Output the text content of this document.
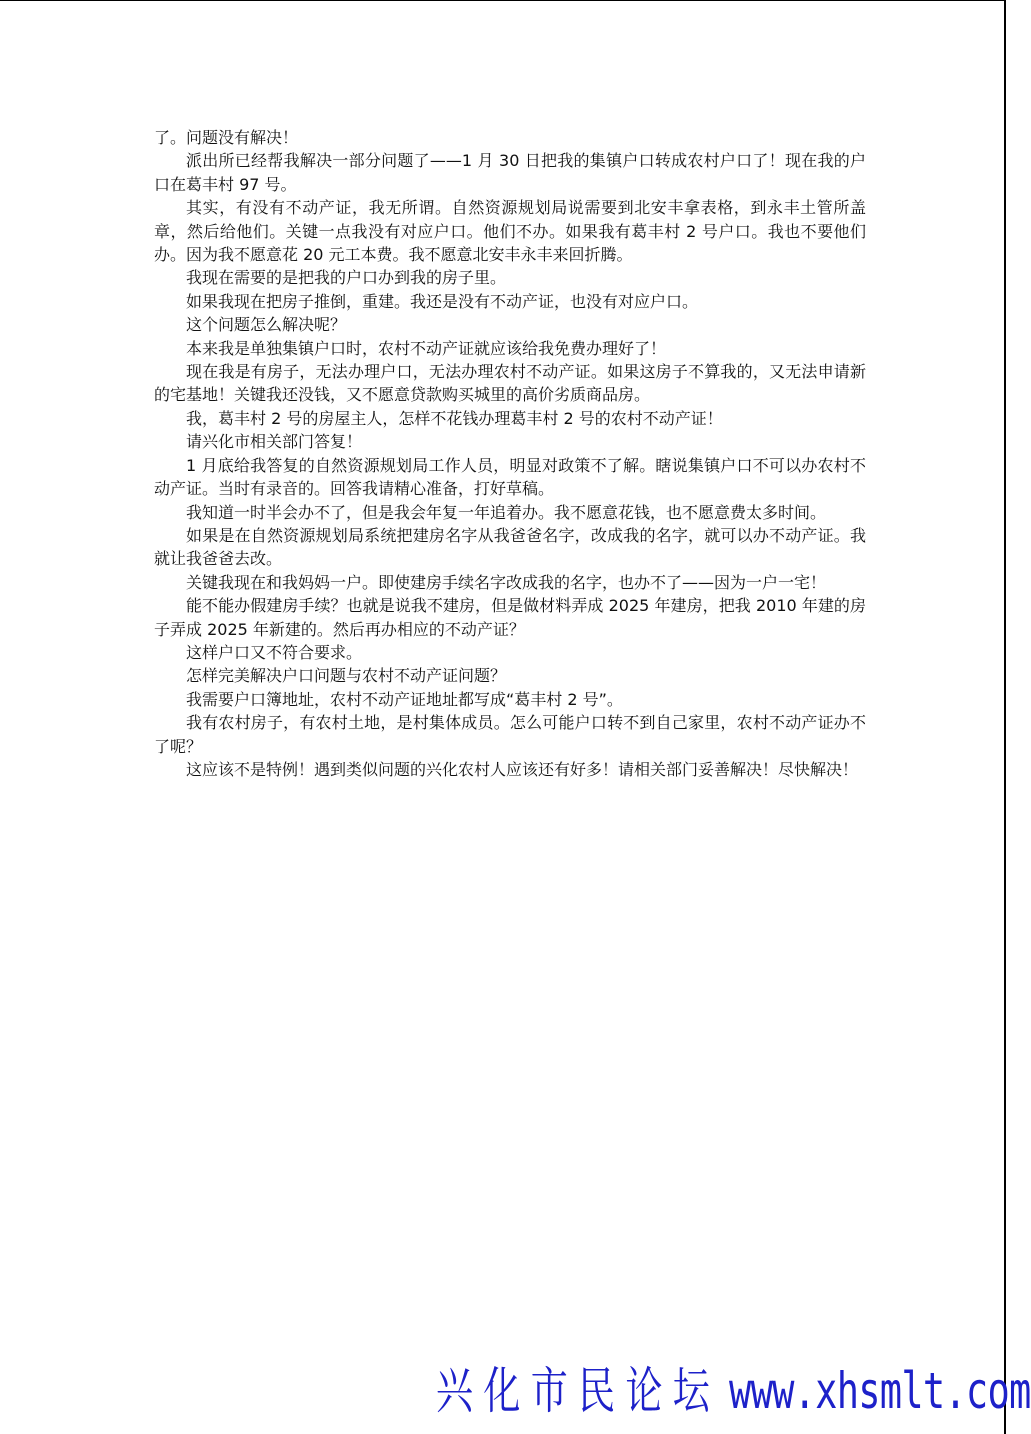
了。问题没有解决！

派出所已经帮我解决一部分问题了——1 月 30 日把我的集镇户口转成农村户口了！现在我的户口在葛丰村 97 号。

其实，有没有不动产证，我无所谓。自然资源规划局说需要到北安丰拿表格，到永丰土管所盖章，然后给他们。关键一点我没有对应户口。他们不办。如果我有葛丰村 2 号户口。我也不要他们办。因为我不愿意花 20 元工本费。我不愿意北安丰永丰来回折腾。

我现在需要的是把我的户口办到我的房子里。

如果我现在把房子推倒，重建。我还是没有不动产证，也没有对应户口。

这个问题怎么解决呢？

本来我是单独集镇户口时，农村不动产证就应该给我免费办理好了！

现在我是有房子，无法办理户口，无法办理农村不动产证。如果这房子不算我的，又无法申请新的宅基地！关键我还没钱，又不愿意贷款购买城里的高价劣质商品房。

我，葛丰村 2 号的房屋主人，怎样不花钱办理葛丰村 2 号的农村不动产证！

请兴化市相关部门答复！

1 月底给我答复的自然资源规划局工作人员，明显对政策不了解。瞎说集镇户口不可以办农村不动产证。当时有录音的。回答我请精心准备，打好草稿。

我知道一时半会办不了，但是我会年复一年追着办。我不愿意花钱，也不愿意费太多时间。

如果是在自然资源规划局系统把建房名字从我爸爸名字，改成我的名字，就可以办不动产证。我就让我爸爸去改。

关键我现在和我妈妈一户。即使建房手续名字改成我的名字，也办不了——因为一户一宅！

能不能办假建房手续？也就是说我不建房，但是做材料弄成 2025 年建房，把我 2010 年建的房子弄成 2025 年新建的。然后再办相应的不动产证？

这样户口又不符合要求。

怎样完美解决户口问题与农村不动产证问题？

我需要户口簿地址，农村不动产证地址都写成“葛丰村 2 号”。

我有农村房子，有农村土地，是村集体成员。怎么可能户口转不到自己家里，农村不动产证办不了呢？

这应该不是特例！遇到类似问题的兴化农村人应该还有好多！请相关部门妥善解决！尽快解决！

兴化市民论坛 www.xhsmlt.com
